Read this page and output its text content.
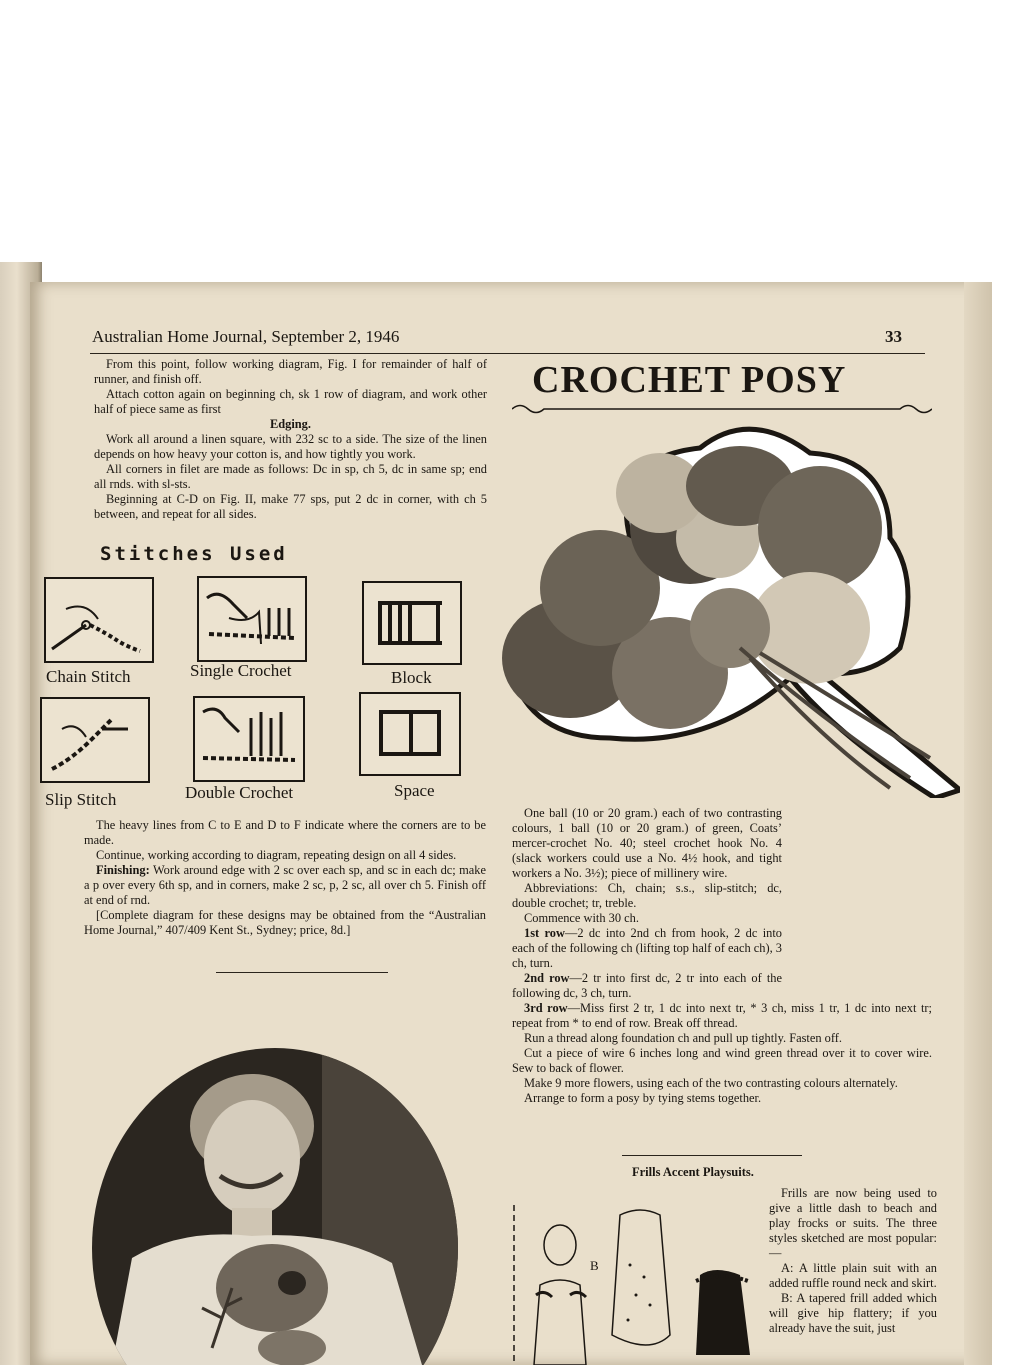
Australian Home Journal, September 2, 1946	33

From this point, follow working diagram, Fig. I for remainder of half of runner, and finish off.

Attach cotton again on beginning ch, sk 1 row of diagram, and work other half of piece same as first

Edging.

Work all around a linen square, with 232 sc to a side. The size of the linen depends on how heavy your cotton is, and how tightly you work.

All corners in filet are made as follows: Dc in sp, ch 5, dc in same sp; end all rnds. with sl-sts.

Beginning at C-D on Fig. II, make 77 sps, put 2 dc in corner, with ch 5 between, and repeat for all sides.

Stitches Used
Chain Stitch	Single Crochet	Block
Slip Stitch	Double Crochet	Space

The heavy lines from C to E and D to F indicate where the corners are to be made.

Continue, working according to diagram, repeating design on all 4 sides.

Finishing: Work around edge with 2 sc over each sp, and sc in each dc; make a p over every 6th sp, and in corners, make 2 sc, p, 2 sc, all over ch 5. Finish off at end of rnd.

[Complete diagram for these designs may be obtained from the “Australian Home Journal,” 407/409 Kent St., Sydney; price, 8d.]

CROCHET POSY

One ball (10 or 20 gram.) each of two contrasting colours, 1 ball (10 or 20 gram.) of green, Coats’ mercer-crochet No. 40; steel crochet hook No. 4 (slack workers could use a No. 4½ hook, and tight workers a No. 3½); piece of millinery wire.

Abbreviations: Ch, chain; s.s., slip-stitch; dc, double crochet; tr, treble.

Commence with 30 ch.

1st row—2 dc into 2nd ch from hook, 2 dc into each of the following ch (lifting top half of each ch), 3 ch, turn.

2nd row—2 tr into first dc, 2 tr into each of the following dc, 3 ch, turn.

3rd row—Miss first 2 tr, 1 dc into next tr, * 3 ch, miss 1 tr, 1 dc into next tr; repeat from * to end of row. Break off thread.

Run a thread along foundation ch and pull up tightly. Fasten off.

Cut a piece of wire 6 inches long and wind green thread over it to cover wire. Sew to back of flower.

Make 9 more flowers, using each of the two contrasting colours alternately.

Arrange to form a posy by tying stems together.

Frills Accent Playsuits.
B

Frills are now being used to give a little dash to beach and play frocks or suits. The three styles sketched are most popular:—

A: A little plain suit with an added ruffle round neck and skirt.

B: A tapered frill added which will give hip flattery; if you already have the suit, just
